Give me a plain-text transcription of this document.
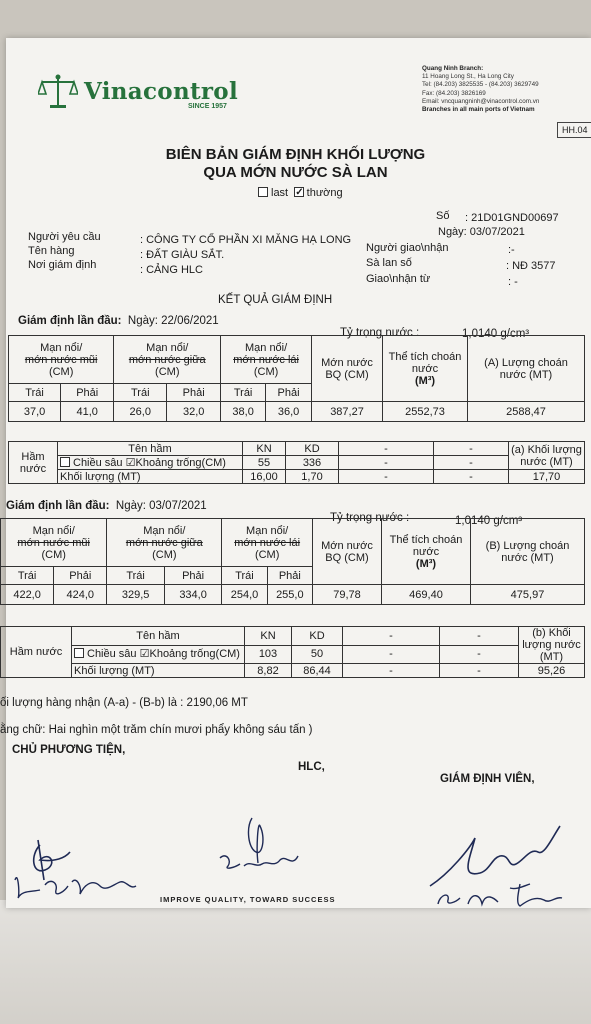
Vinacontrol
SINCE 1957
Quang Ninh Branch:
11 Hoang Long St., Ha Long City
Tel: (84.203) 3825535 - (84.203) 3629749
Fax: (84.203) 3826169
Email: vncquangninh@vinacontrol.com.vn
Branches in all main ports of Vietnam
HH.04
BIÊN BẢN GIÁM ĐỊNH KHỐI LƯỢNG
QUA MỚN NƯỚC SÀ LAN
last ✓ thường
Số : 21D01GND00697
Ngày: 03/07/2021
Người yêu cầu	: CÔNG TY CỔ PHẦN XI MĂNG HẠ LONG
Người giao\nhận	:-
Tên hàng	: ĐẤT GIÀU SẮT.
Sà lan số	: NĐ 3577
Nơi giám định	: CẢNG HLC
Giao\nhận từ	: -
KẾT QUẢ GIÁM ĐỊNH
Giám định lần đầu: Ngày: 22/06/2021
Tỷ trọng nước :	1,0140 g/cm³
Mạn nổi/
mớn nước mũi
(CM)		Mạn nổi/
mớn nước giữa
(CM)		Mạn nổi/
mớn nước lái
(CM)		Mớn nước BQ (CM)	Thể tích choán nước
(M³)	(A) Lượng choán nước (MT)
Trái	Phải	Trái	Phải	Trái	Phải			
37,0	41,0	26,0	32,0	38,0	36,0	387,27	2552,73	2588,47
Hầm nước	Tên hầm	KN	KD	-	-	(a) Khối lượng nước (MT)
	Chiều sâu ☑Khoảng trống(CM)	55	336	-	-	
	Khối lượng (MT)	16,00	1,70	-	-	17,70
Giám định lần đầu: Ngày: 03/07/2021
Tỷ trọng nước :	1,0140 g/cm³
Mạn nổi/
mớn nước mũi
(CM)		Mạn nổi/
mớn nước giữa
(CM)		Mạn nổi/
mớn nước lái
(CM)		Mớn nước BQ (CM)	Thể tích choán nước
(M³)	(B) Lượng choán nước (MT)
Trái	Phải	Trái	Phải	Trái	Phải			
422,0	424,0	329,5	334,0	254,0	255,0	79,78	469,40	475,97
Hầm nước	Tên hầm	KN	KD	-	-	(b) Khối lượng nước (MT)
	Chiều sâu ☑Khoảng trống(CM)	103	50	-	-	
	Khối lượng (MT)	8,82	86,44	-	-	95,26
ối lượng hàng nhận (A-a) - (B-b) là : 2190,06 MT
ằng chữ: Hai nghìn một trăm chín mươi phẩy không sáu tấn )
CHỦ PHƯƠNG TIỆN,
HLC,
GIÁM ĐỊNH VIÊN,
IMPROVE QUALITY, TOWARD SUCCESS
